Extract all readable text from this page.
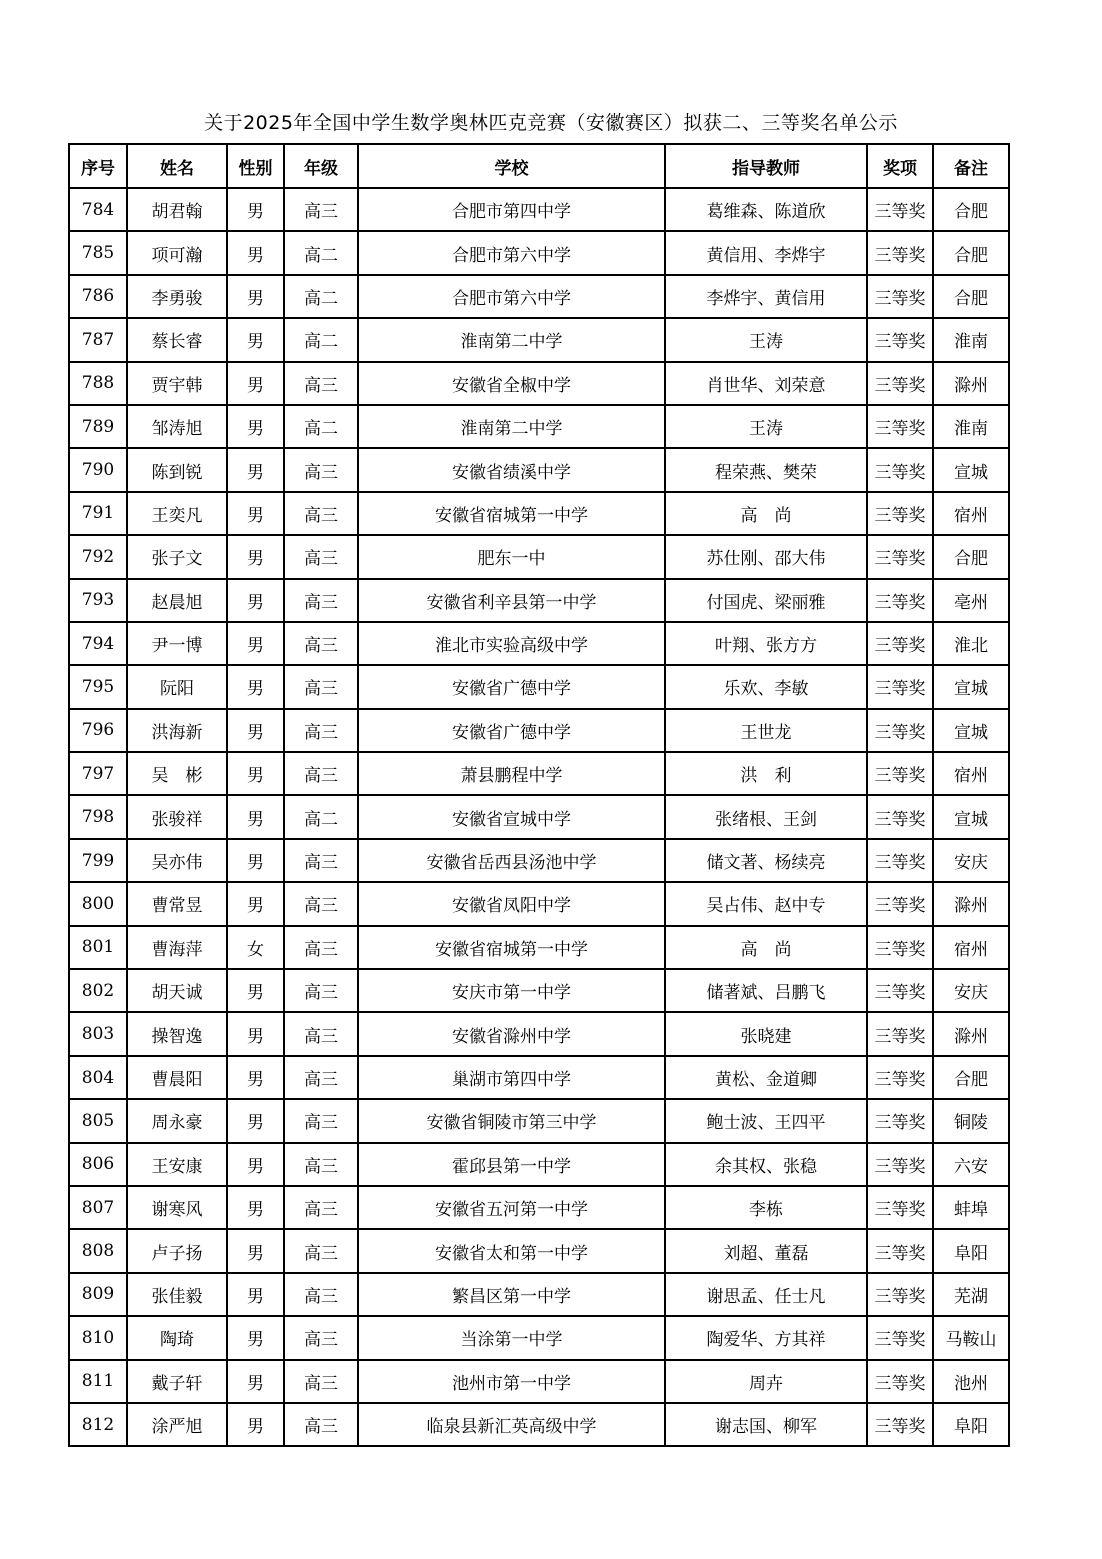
关于2025年全国中学生数学奥林匹克竞赛（安徽赛区）拟获二、三等奖名单公示
序号	姓名	性别	年级	学校	指导教师	奖项	备注
784	胡君翰	男	高三	合肥市第四中学	葛维森、陈道欣	三等奖	合肥
785	项可瀚	男	高二	合肥市第六中学	黄信用、李烨宇	三等奖	合肥
786	李勇骏	男	高二	合肥市第六中学	李烨宇、黄信用	三等奖	合肥
787	蔡长睿	男	高二	淮南第二中学	王涛	三等奖	淮南
788	贾宇韩	男	高三	安徽省全椒中学	肖世华、刘荣意	三等奖	滁州
789	邹涛旭	男	高二	淮南第二中学	王涛	三等奖	淮南
790	陈到锐	男	高三	安徽省绩溪中学	程荣燕、樊荣	三等奖	宣城
791	王奕凡	男	高三	安徽省宿城第一中学	高　尚	三等奖	宿州
792	张子文	男	高三	肥东一中	苏仕刚、邵大伟	三等奖	合肥
793	赵晨旭	男	高三	安徽省利辛县第一中学	付国虎、梁丽雅	三等奖	亳州
794	尹一博	男	高三	淮北市实验高级中学	叶翔、张方方	三等奖	淮北
795	阮阳	男	高三	安徽省广德中学	乐欢、李敏	三等奖	宣城
796	洪海新	男	高三	安徽省广德中学	王世龙	三等奖	宣城
797	吴　彬	男	高三	萧县鹏程中学	洪　利	三等奖	宿州
798	张骏祥	男	高二	安徽省宣城中学	张绪根、王剑	三等奖	宣城
799	吴亦伟	男	高三	安徽省岳西县汤池中学	储文著、杨续亮	三等奖	安庆
800	曹常昱	男	高三	安徽省凤阳中学	吴占伟、赵中专	三等奖	滁州
801	曹海萍	女	高三	安徽省宿城第一中学	高　尚	三等奖	宿州
802	胡天诚	男	高三	安庆市第一中学	储著斌、吕鹏飞	三等奖	安庆
803	操智逸	男	高三	安徽省滁州中学	张晓建	三等奖	滁州
804	曹晨阳	男	高三	巢湖市第四中学	黄松、金道卿	三等奖	合肥
805	周永豪	男	高三	安徽省铜陵市第三中学	鲍士波、王四平	三等奖	铜陵
806	王安康	男	高三	霍邱县第一中学	余其权、张稳	三等奖	六安
807	谢寒风	男	高三	安徽省五河第一中学	李栋	三等奖	蚌埠
808	卢子扬	男	高三	安徽省太和第一中学	刘超、董磊	三等奖	阜阳
809	张佳毅	男	高三	繁昌区第一中学	谢思孟、任士凡	三等奖	芜湖
810	陶琦	男	高三	当涂第一中学	陶爱华、方其祥	三等奖	马鞍山
811	戴子轩	男	高三	池州市第一中学	周卉	三等奖	池州
812	涂严旭	男	高三	临泉县新汇英高级中学	谢志国、柳军	三等奖	阜阳
